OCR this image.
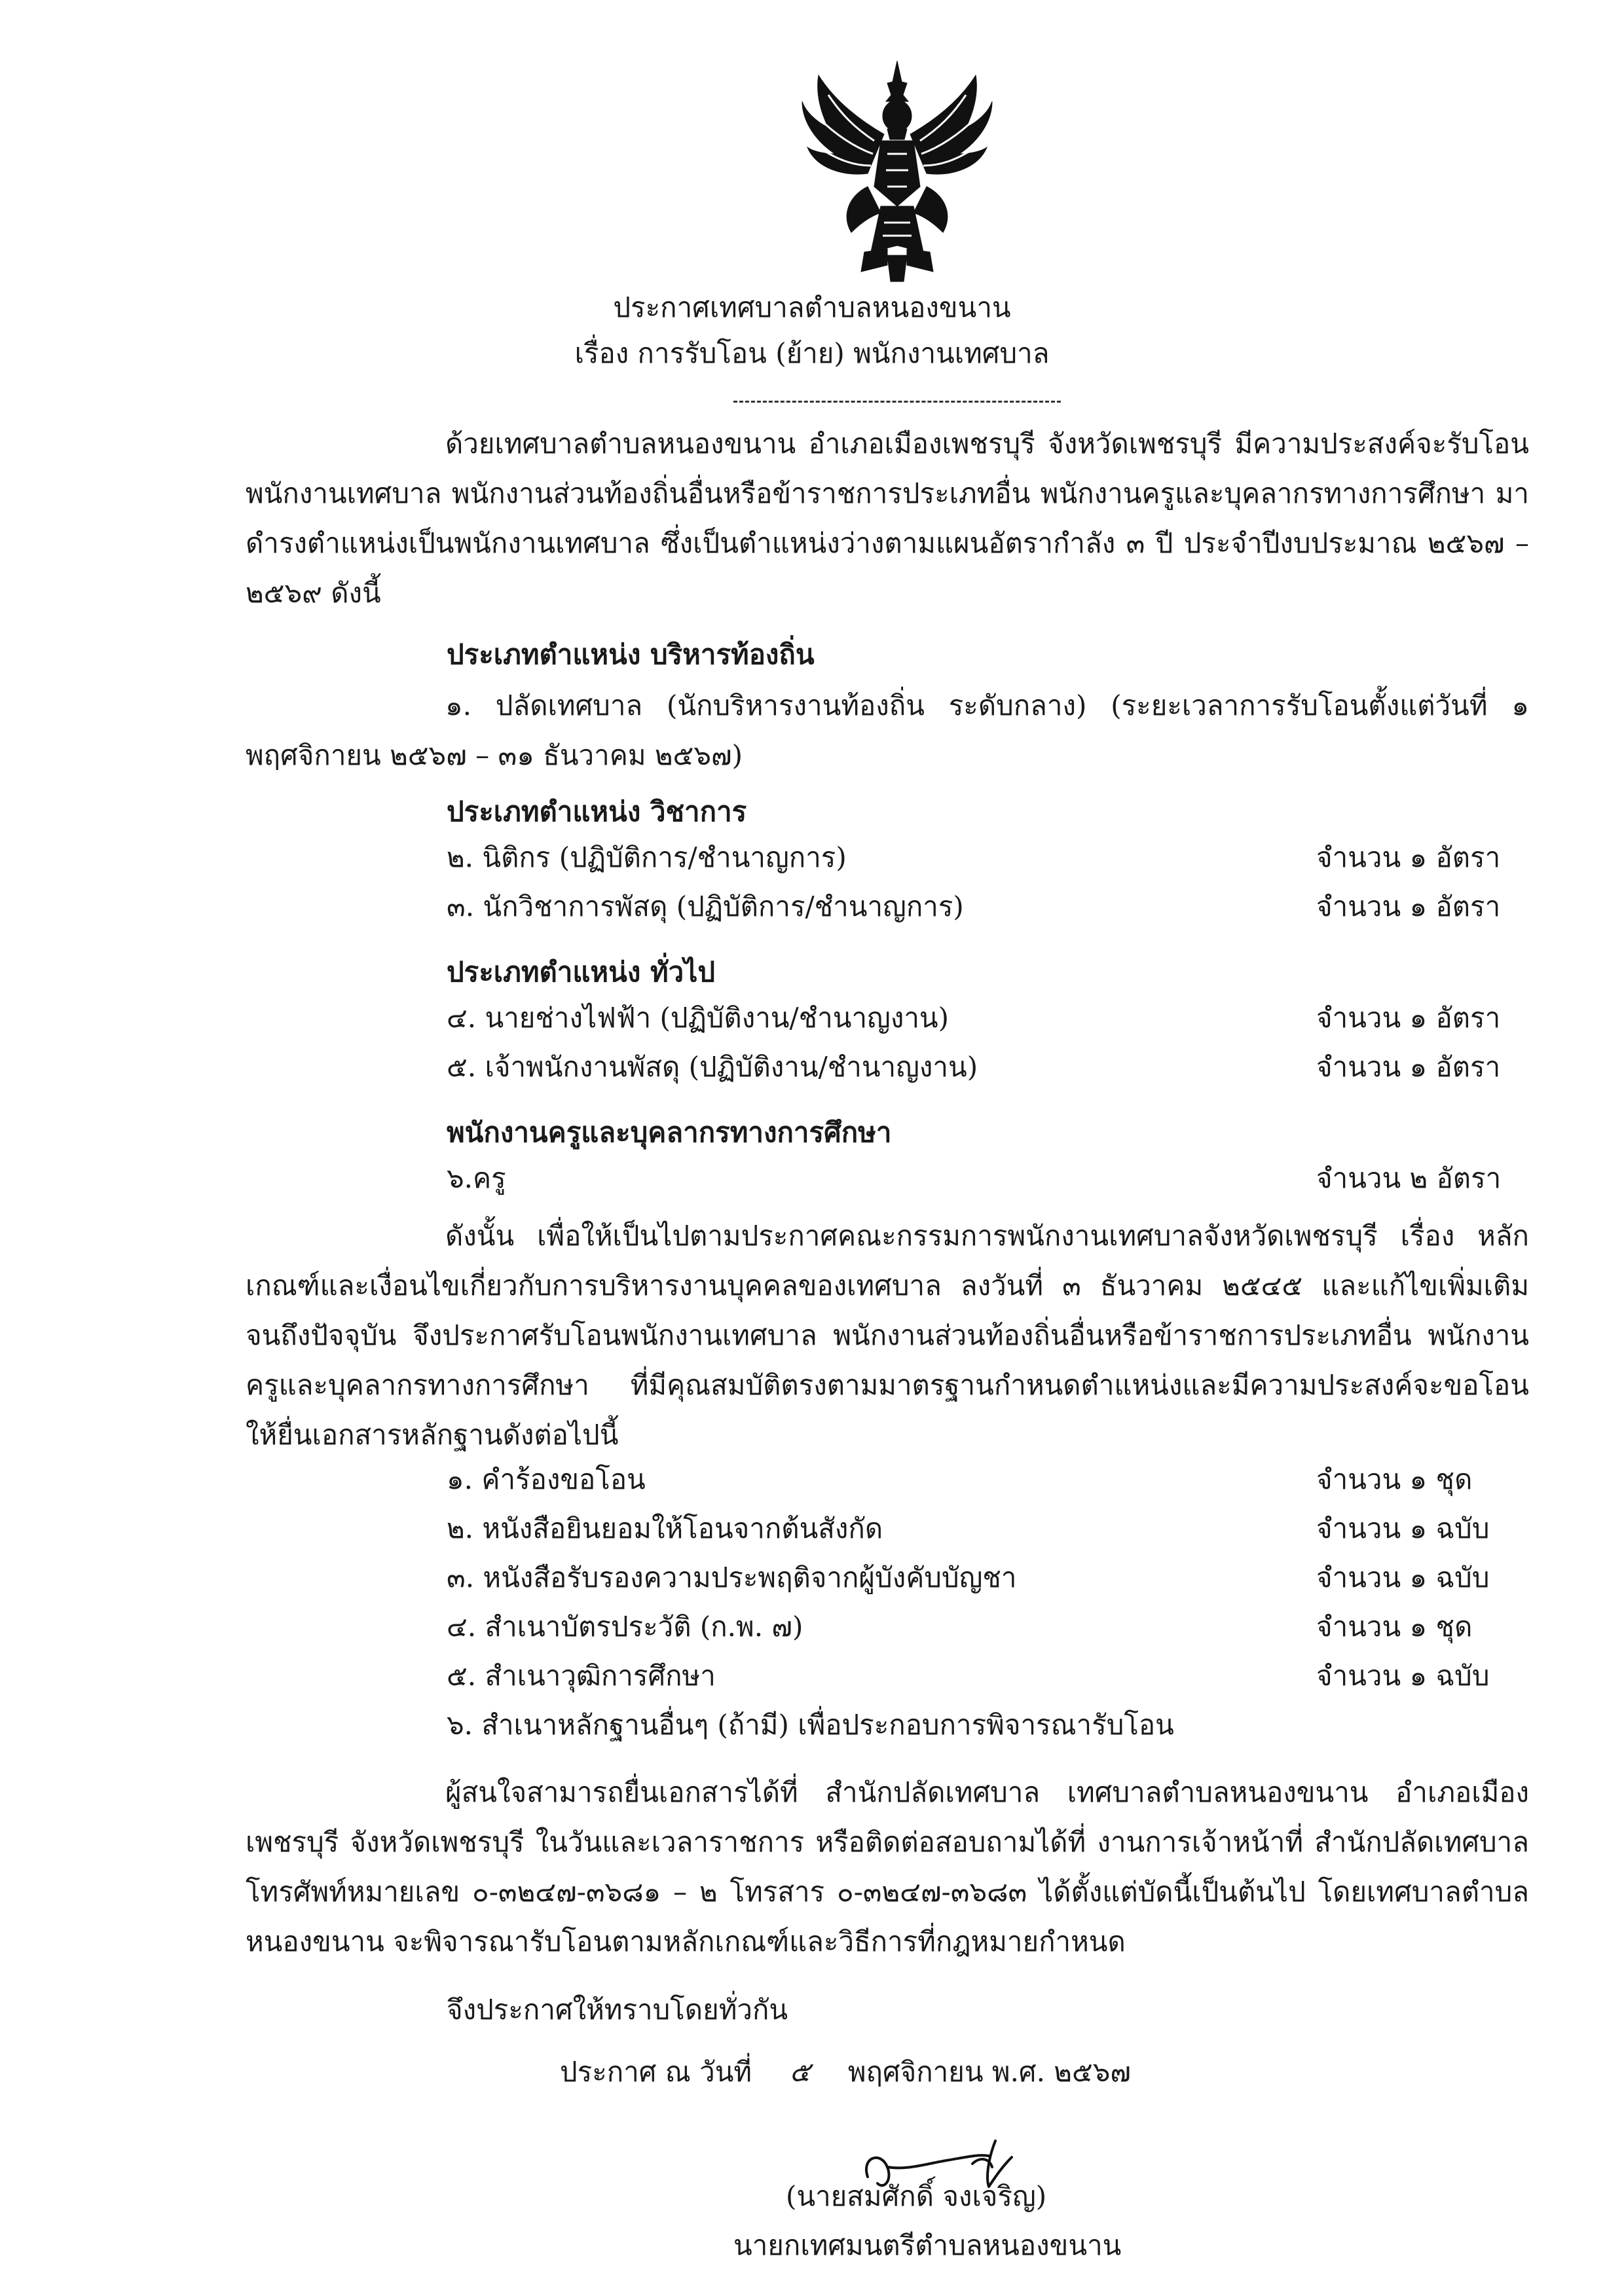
ประกาศเทศบาลตำบลหนองขนาน
เรื่อง การรับโอน (ย้าย) พนักงานเทศบาล
ด้วยเทศบาลตำบลหนองขนาน อำเภอเมืองเพชรบุรี จังหวัดเพชรบุรี มีความประสงค์จะรับโอนพนักงานเทศบาล พนักงานส่วนท้องถิ่นอื่นหรือข้าราชการประเภทอื่น พนักงานครูและบุคลากรทางการศึกษา มาดำรงตำแหน่งเป็นพนักงานเทศบาล ซึ่งเป็นตำแหน่งว่างตามแผนอัตรากำลัง ๓ ปี ประจำปีงบประมาณ ๒๕๖๗ – ๒๕๖๙ ดังนี้
ประเภทตำแหน่ง บริหารท้องถิ่น
๑. ปลัดเทศบาล (นักบริหารงานท้องถิ่น ระดับกลาง) (ระยะเวลาการรับโอนตั้งแต่วันที่ ๑ พฤศจิกายน ๒๕๖๗ – ๓๑ ธันวาคม ๒๕๖๗)
ประเภทตำแหน่ง วิชาการ
๒. นิติกร (ปฏิบัติการ/ชำนาญการ)	จำนวน ๑ อัตรา
๓. นักวิชาการพัสดุ (ปฏิบัติการ/ชำนาญการ)	จำนวน ๑ อัตรา
ประเภทตำแหน่ง ทั่วไป
๔. นายช่างไฟฟ้า (ปฏิบัติงาน/ชำนาญงาน)	จำนวน ๑ อัตรา
๕. เจ้าพนักงานพัสดุ (ปฏิบัติงาน/ชำนาญงาน)	จำนวน ๑ อัตรา
พนักงานครูและบุคลากรทางการศึกษา
๖.ครู	จำนวน ๒ อัตรา
ดังนั้น เพื่อให้เป็นไปตามประกาศคณะกรรมการพนักงานเทศบาลจังหวัดเพชรบุรี เรื่อง หลักเกณฑ์และเงื่อนไขเกี่ยวกับการบริหารงานบุคคลของเทศบาล ลงวันที่ ๓ ธันวาคม ๒๕๔๕ และแก้ไขเพิ่มเติมจนถึงปัจจุบัน จึงประกาศรับโอนพนักงานเทศบาล พนักงานส่วนท้องถิ่นอื่นหรือข้าราชการประเภทอื่น พนักงานครูและบุคลากรทางการศึกษา ที่มีคุณสมบัติตรงตามมาตรฐานกำหนดตำแหน่งและมีความประสงค์จะขอโอน ให้ยื่นเอกสารหลักฐานดังต่อไปนี้
๑. คำร้องขอโอน	จำนวน ๑ ชุด
๒. หนังสือยินยอมให้โอนจากต้นสังกัด	จำนวน ๑ ฉบับ
๓. หนังสือรับรองความประพฤติจากผู้บังคับบัญชา	จำนวน ๑ ฉบับ
๔. สำเนาบัตรประวัติ (ก.พ. ๗)	จำนวน ๑ ชุด
๕. สำเนาวุฒิการศึกษา	จำนวน ๑ ฉบับ
๖. สำเนาหลักฐานอื่นๆ (ถ้ามี) เพื่อประกอบการพิจารณารับโอน
ผู้สนใจสามารถยื่นเอกสารได้ที่ สำนักปลัดเทศบาล เทศบาลตำบลหนองขนาน อำเภอเมืองเพชรบุรี จังหวัดเพชรบุรี ในวันและเวลาราชการ หรือติดต่อสอบถามได้ที่ งานการเจ้าหน้าที่ สำนักปลัดเทศบาล โทรศัพท์หมายเลข ๐-๓๒๔๗-๓๖๘๑ – ๒ โทรสาร ๐-๓๒๔๗-๓๖๘๓ ได้ตั้งแต่บัดนี้เป็นต้นไป โดยเทศบาลตำบลหนองขนาน จะพิจารณารับโอนตามหลักเกณฑ์และวิธีการที่กฎหมายกำหนด
จึงประกาศให้ทราบโดยทั่วกัน
ประกาศ ณ วันที่ ๕ พฤศจิกายน พ.ศ. ๒๕๖๗
(นายสมศักดิ์ จงเจริญ)
นายกเทศมนตรีตำบลหนองขนาน
